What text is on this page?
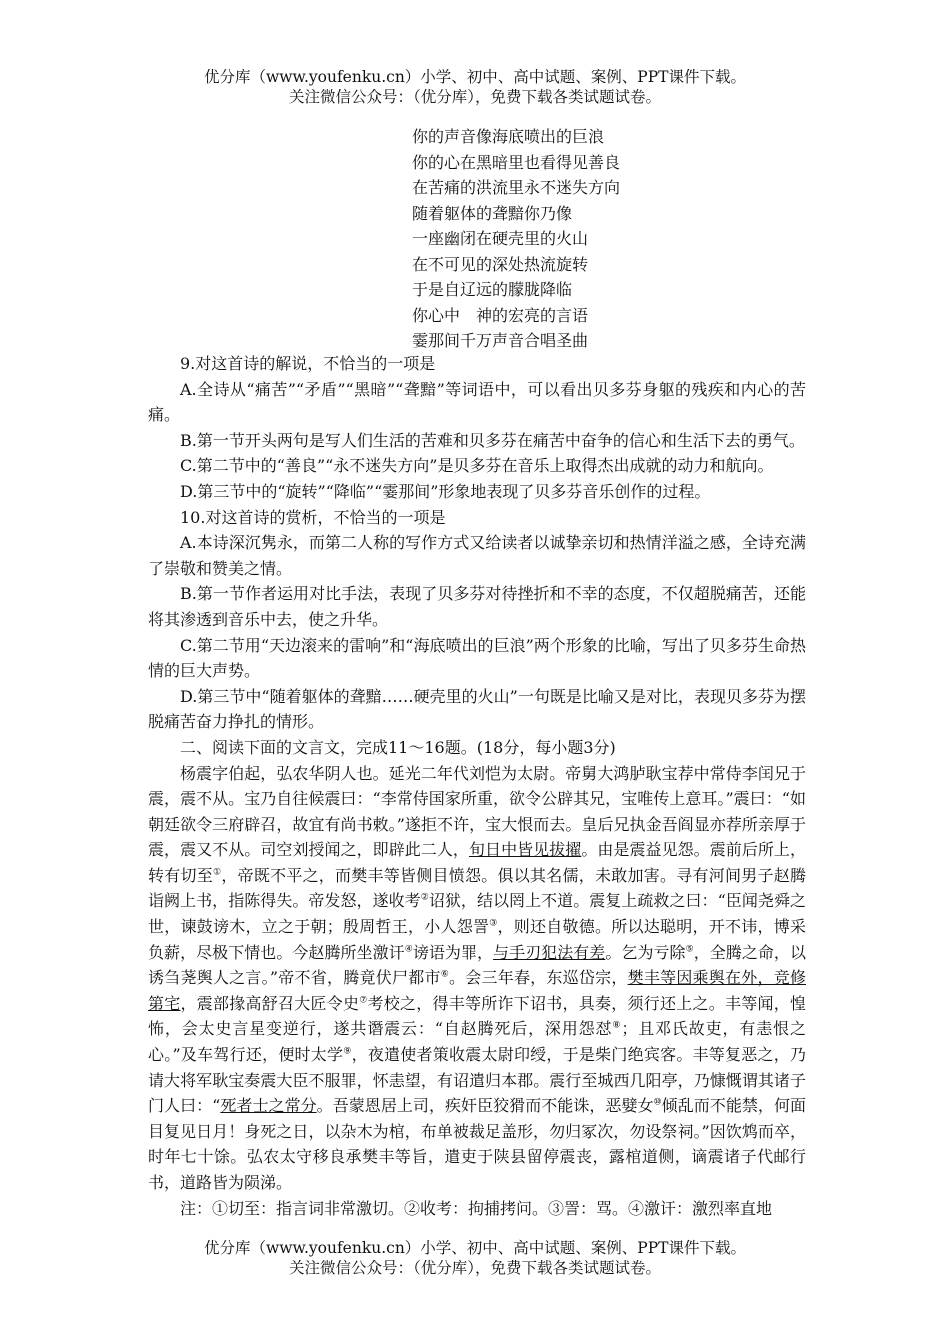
优分库（www.youfenku.cn）小学、初中、高中试题、案例、PPT课件下载。
关注微信公众号：（优分库），免费下载各类试题试卷。
你的声音像海底喷出的巨浪
你的心在黑暗里也看得见善良
在苦痛的洪流里永不迷失方向
随着躯体的聋黯你乃像
一座幽闭在硬壳里的火山
在不可见的深处热流旋转
于是自辽远的朦胧降临
你心中　神的宏亮的言语
霎那间千万声音合唱圣曲

9.对这首诗的解说，不恰当的一项是

A.全诗从“痛苦”“矛盾”“黑暗”“聋黯”等词语中，可以看出贝多芬身躯的残疾和内心的苦痛。

B.第一节开头两句是写人们生活的苦难和贝多芬在痛苦中奋争的信心和生活下去的勇气。

C.第二节中的“善良”“永不迷失方向”是贝多芬在音乐上取得杰出成就的动力和航向。

D.第三节中的“旋转”“降临”“霎那间”形象地表现了贝多芬音乐创作的过程。

10.对这首诗的赏析，不恰当的一项是

A.本诗深沉隽永，而第二人称的写作方式又给读者以诚挚亲切和热情洋溢之感，全诗充满了崇敬和赞美之情。

B.第一节作者运用对比手法，表现了贝多芬对待挫折和不幸的态度，不仅超脱痛苦，还能将其渗透到音乐中去，使之升华。

C.第二节用“天边滚来的雷响”和“海底喷出的巨浪”两个形象的比喻，写出了贝多芬生命热情的巨大声势。

D.第三节中“随着躯体的聋黯……硬壳里的火山”一句既是比喻又是对比，表现贝多芬为摆脱痛苦奋力挣扎的情形。

二、阅读下面的文言文，完成11～16题。(18分，每小题3分)

杨震字伯起，弘农华阴人也。延光二年代刘恺为太尉。帝舅大鸿胪耿宝荐中常侍李闰兄于震，震不从。宝乃自往候震曰：“李常侍国家所重，欲令公辟其兄，宝唯传上意耳。”震曰：“如朝廷欲令三府辟召，故宜有尚书敕。”遂拒不许，宝大恨而去。皇后兄执金吾阎显亦荐所亲厚于震，震又不从。司空刘授闻之，即辟此二人，旬日中皆见拔擢。由是震益见怨。震前后所上，转有切至①，帝既不平之，而樊丰等皆侧目愤怨。俱以其名儒，未敢加害。寻有河间男子赵腾诣阙上书，指陈得失。帝发怒，遂收考②诏狱，结以罔上不道。震复上疏救之曰：“臣闻尧舜之世，谏鼓谤木，立之于朝；殷周哲王，小人怨詈③，则还自敬德。所以达聪明，开不讳，博采负薪，尽极下情也。今赵腾所坐激讦④谤语为罪，与手刃犯法有差。乞为亏除⑤，全腾之命，以诱刍荛舆人之言。”帝不省，腾竟伏尸都市⑥。会三年春，东巡岱宗，樊丰等因乘舆在外，竞修第宅，震部掾高舒召大匠令史⑦考校之，得丰等所诈下诏书，具奏，须行还上之。丰等闻，惶怖，会太史言星变逆行，遂共谮震云：“自赵腾死后，深用怨怼⑧；且邓氏故吏，有恚恨之心。”及车驾行还，便时太学⑨，夜遣使者策收震太尉印绶，于是柴门绝宾客。丰等复恶之，乃请大将军耿宝奏震大臣不服罪，怀恚望，有诏遣归本郡。震行至城西几阳亭，乃慷慨谓其诸子门人曰：“死者士之常分。吾蒙恩居上司，疾奸臣狡猾而不能诛，恶嬖女⑩倾乱而不能禁，何面目复见日月！身死之日，以杂木为棺，布单被裁足盖形，勿归冢次，勿设祭祠。”因饮鸩而卒，时年七十馀。弘农太守移良承樊丰等旨，遣吏于陕县留停震丧，露棺道侧，谪震诸子代邮行书，道路皆为陨涕。

注：①切至：指言词非常激切。②收考：拘捕拷问。③詈：骂。④激讦：激烈率直地

优分库（www.youfenku.cn）小学、初中、高中试题、案例、PPT课件下载。
关注微信公众号：（优分库），免费下载各类试题试卷。
